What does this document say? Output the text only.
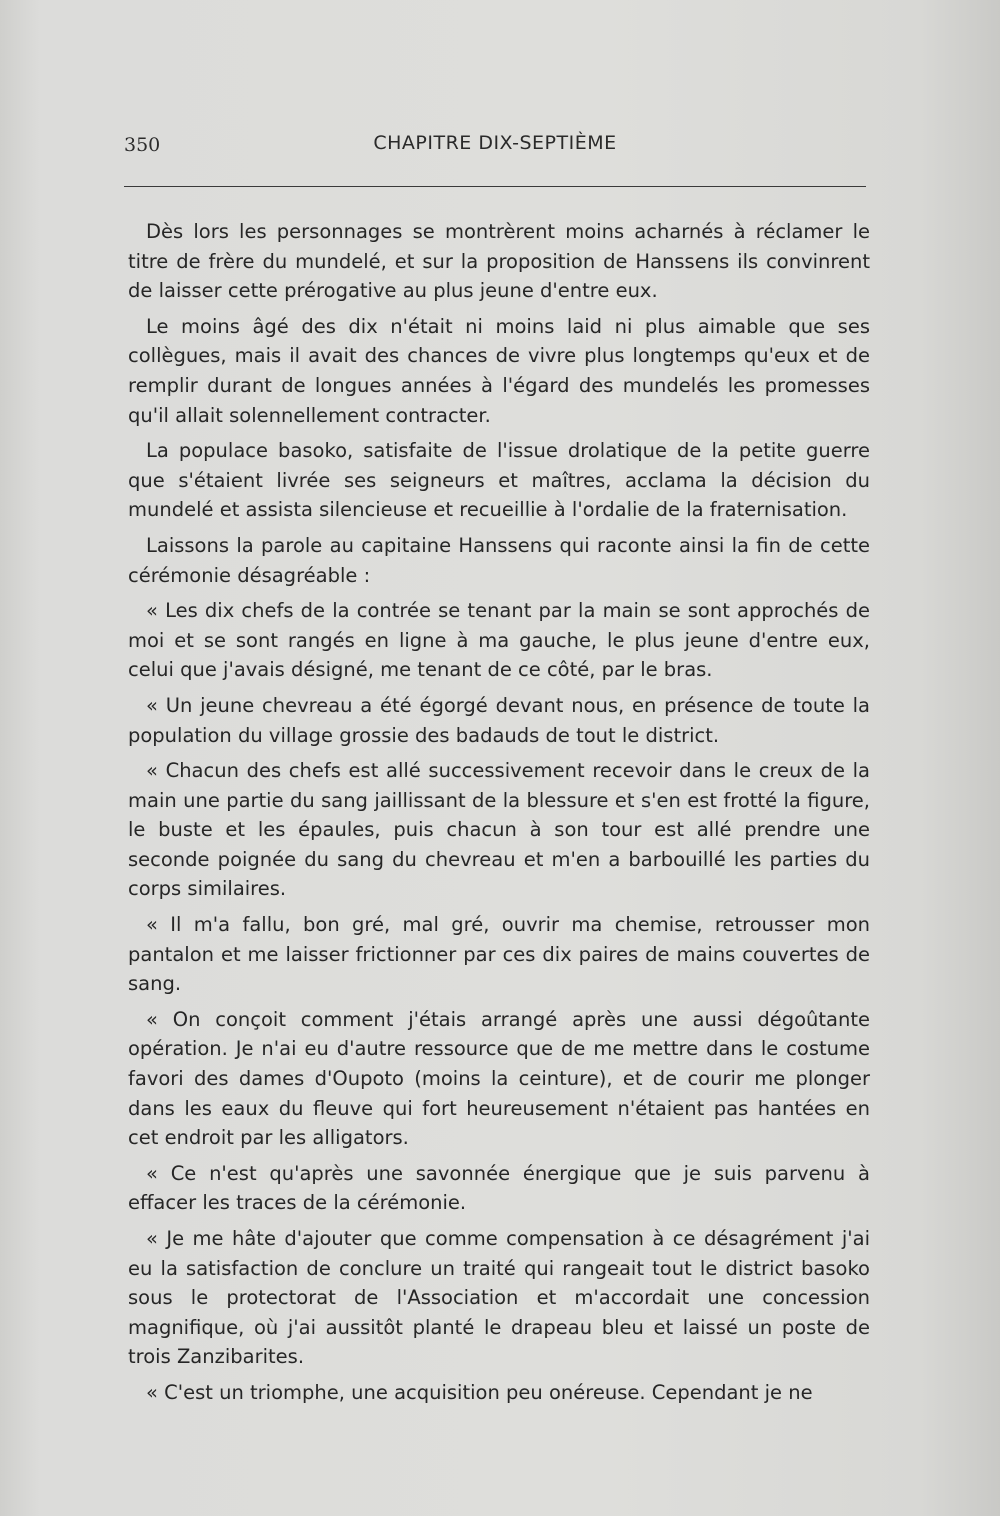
350	CHAPITRE DIX-SEPTIÈME

Dès lors les personnages se montrèrent moins acharnés à réclamer le titre de frère du mundelé, et sur la proposition de Hanssens ils convinrent de laisser cette prérogative au plus jeune d'entre eux.

Le moins âgé des dix n'était ni moins laid ni plus aimable que ses collègues, mais il avait des chances de vivre plus longtemps qu'eux et de remplir durant de longues années à l'égard des mundelés les promesses qu'il allait solennellement contracter.

La populace basoko, satisfaite de l'issue drolatique de la petite guerre que s'étaient livrée ses seigneurs et maîtres, acclama la décision du mundelé et assista silencieuse et recueillie à l'ordalie de la fraternisation.

Laissons la parole au capitaine Hanssens qui raconte ainsi la fin de cette cérémonie désagréable :

« Les dix chefs de la contrée se tenant par la main se sont approchés de moi et se sont rangés en ligne à ma gauche, le plus jeune d'entre eux, celui que j'avais désigné, me tenant de ce côté, par le bras.

« Un jeune chevreau a été égorgé devant nous, en présence de toute la population du village grossie des badauds de tout le district.

« Chacun des chefs est allé successivement recevoir dans le creux de la main une partie du sang jaillissant de la blessure et s'en est frotté la figure, le buste et les épaules, puis chacun à son tour est allé prendre une seconde poignée du sang du chevreau et m'en a barbouillé les parties du corps similaires.

« Il m'a fallu, bon gré, mal gré, ouvrir ma chemise, retrousser mon pantalon et me laisser frictionner par ces dix paires de mains couvertes de sang.

« On conçoit comment j'étais arrangé après une aussi dégoûtante opération. Je n'ai eu d'autre ressource que de me mettre dans le costume favori des dames d'Oupoto (moins la ceinture), et de courir me plonger dans les eaux du fleuve qui fort heureusement n'étaient pas hantées en cet endroit par les alligators.

« Ce n'est qu'après une savonnée énergique que je suis parvenu à effacer les traces de la cérémonie.

« Je me hâte d'ajouter que comme compensation à ce désagrément j'ai eu la satisfaction de conclure un traité qui rangeait tout le district basoko sous le protectorat de l'Association et m'accordait une concession magnifique, où j'ai aussitôt planté le drapeau bleu et laissé un poste de trois Zanzibarites.

« C'est un triomphe, une acquisition peu onéreuse. Cependant je ne
